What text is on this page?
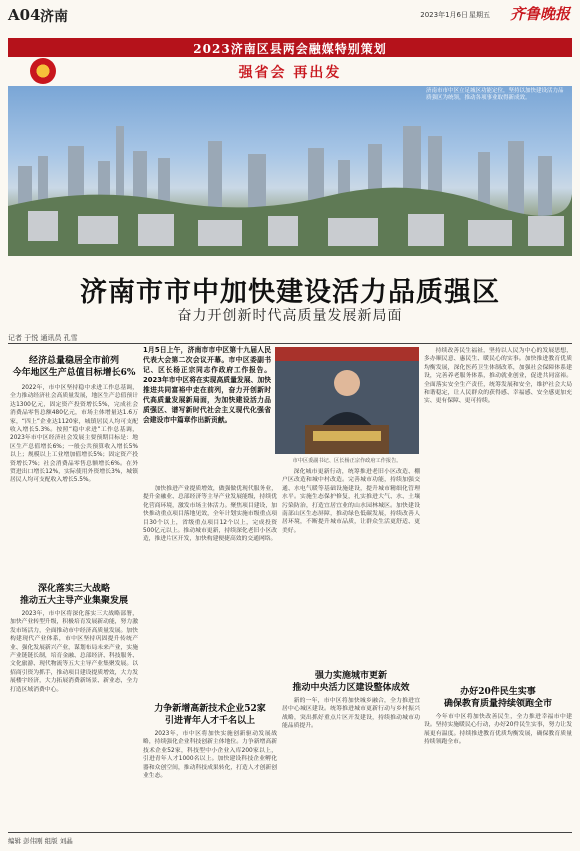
A04 济南	2023年1月6日 星期五 齐鲁晚报
2023济南区县两会融媒特别策划
强省会 再出发
济南市市中区立足城区功能定位，坚持以加快建设活力品质强区为统领，推动各项事业取得新成效。
济南市市中加快建设活力品质强区
奋力开创新时代高质量发展新局面
记者 于悦 通讯员 孔雪
经济总量稳居全市前列
今年地区生产总值目标增长6%

2022年，市中区坚持稳中求进工作总基调，全力推动经济社会高质量发展，地区生产总值预计达1300亿元，固定资产投资增长5%，完成社会消费品零售总额480亿元，市场主体增量达1.6万家，“四上”企业达1120家，城镇居民人均可支配收入增长5.3%。按照“稳中求进”工作总基调，2023年市中区经济社会发展主要预期目标是：地区生产总值增长6%；一般公共预算收入增长5%以上；规模以上工业增加值增长5%；固定资产投资增长7%；社会消费品零售总额增长6%。在外贸进出口增长12%，实际使用外资增长3%，城镇居民人均可支配收入增长5.5%。

深化落实三大战略
推动五大主导产业集聚发展

2023年，市中区将深化落实三大战略部署，加快产业转型升级，积极培育发展新动能，努力激发市场活力，全面推动市中经济高质量发展。加快构建现代产业体系，市中区坚持巩固提升传统产业、强化发展新兴产业，谋划布局未来产业，实施产业链链长制，培育金融、总部经济、科技服务、文化旅游、现代物流等五大主导产业集聚发展。以招商引资为抓手，推动项目建设提质增效，大力发展楼宇经济，大力拓展消费新场景、新业态，全力打造区域消费中心。

1月5日上午，济南市市中区第十九届人民代表大会第二次会议开幕。市中区委副书记、区长杨正宗同志作政府工作报告。2023年市中区将在实现高质量发展、加快推进共同富裕中走在前列，奋力开创新时代高质量发展新局面，为加快建设活力品质强区、谱写新时代社会主义现代化强省会建设市中篇章作出新贡献。
市中区委副书记、区长杨正宗作政府工作报告。

加快推进产业提质增效，做强做优现代服务业，提升金融业、总部经济等主导产业发展能级，持续优化营商环境，激发市场主体活力。聚焦项目建设，加快推动重点项目落地见效，全年计划实施市级重点项目30个以上，省级重点项目12个以上，完成投资500亿元以上。推动城市更新，持续深化老旧小区改造，推进片区开发，加快构建便捷高效的交通网络。

力争新增高新技术企业52家
引进青年人才千名以上

2023年，市中区将加快实施创新驱动发展战略，持续强化企业科技创新主体地位。力争新增高新技术企业52家，科技型中小企业入库200家以上，引进青年人才1000名以上。加快建设科技企业孵化器和众创空间，推动科技成果转化，打造人才创新创业生态。

深化城市更新行动，统筹推进老旧小区改造、棚户区改造和城中村改造。完善城市功能，持续加强交通、水电气暖等基础设施建设，提升城市精细化管理水平。实施生态保护修复，扎实推进大气、水、土壤污染防治，打造宜居宜业的山水园林城区。加快建设南部山区生态屏障，推动绿色低碳发展，持续改善人居环境，不断提升城市品质，让群众生活更舒适、更美好。

强力实施城市更新
推动中央活力区建设整体成效

新的一年，市中区将加快城乡融合，全力推进宜居中心城区建设。统筹推进城市更新行动与乡村振兴战略，突出抓好重点片区开发建设，持续推动城市功能品质提升。

持续改善民生福祉，坚持以人民为中心的发展思想，多办顺民意、惠民生、暖民心的实事。加快推进教育优质均衡发展，深化医药卫生体制改革，加强社会保障体系建设，完善养老服务体系，推动就业创业，促进共同富裕。全面落实安全生产责任，统筹发展和安全，维护社会大局和谐稳定，让人民群众的获得感、幸福感、安全感更加充实、更有保障、更可持续。

办好20件民生实事
确保教育质量持续领跑全市

今年市中区将加快改善民生，全力推进幸福市中建设。坚持实施暖民心行动，办好20件民生实事，努力让发展更有温度。持续推进教育优质均衡发展，确保教育质量持续领跑全市。

编辑 彭伟刚 组版 刘晶
